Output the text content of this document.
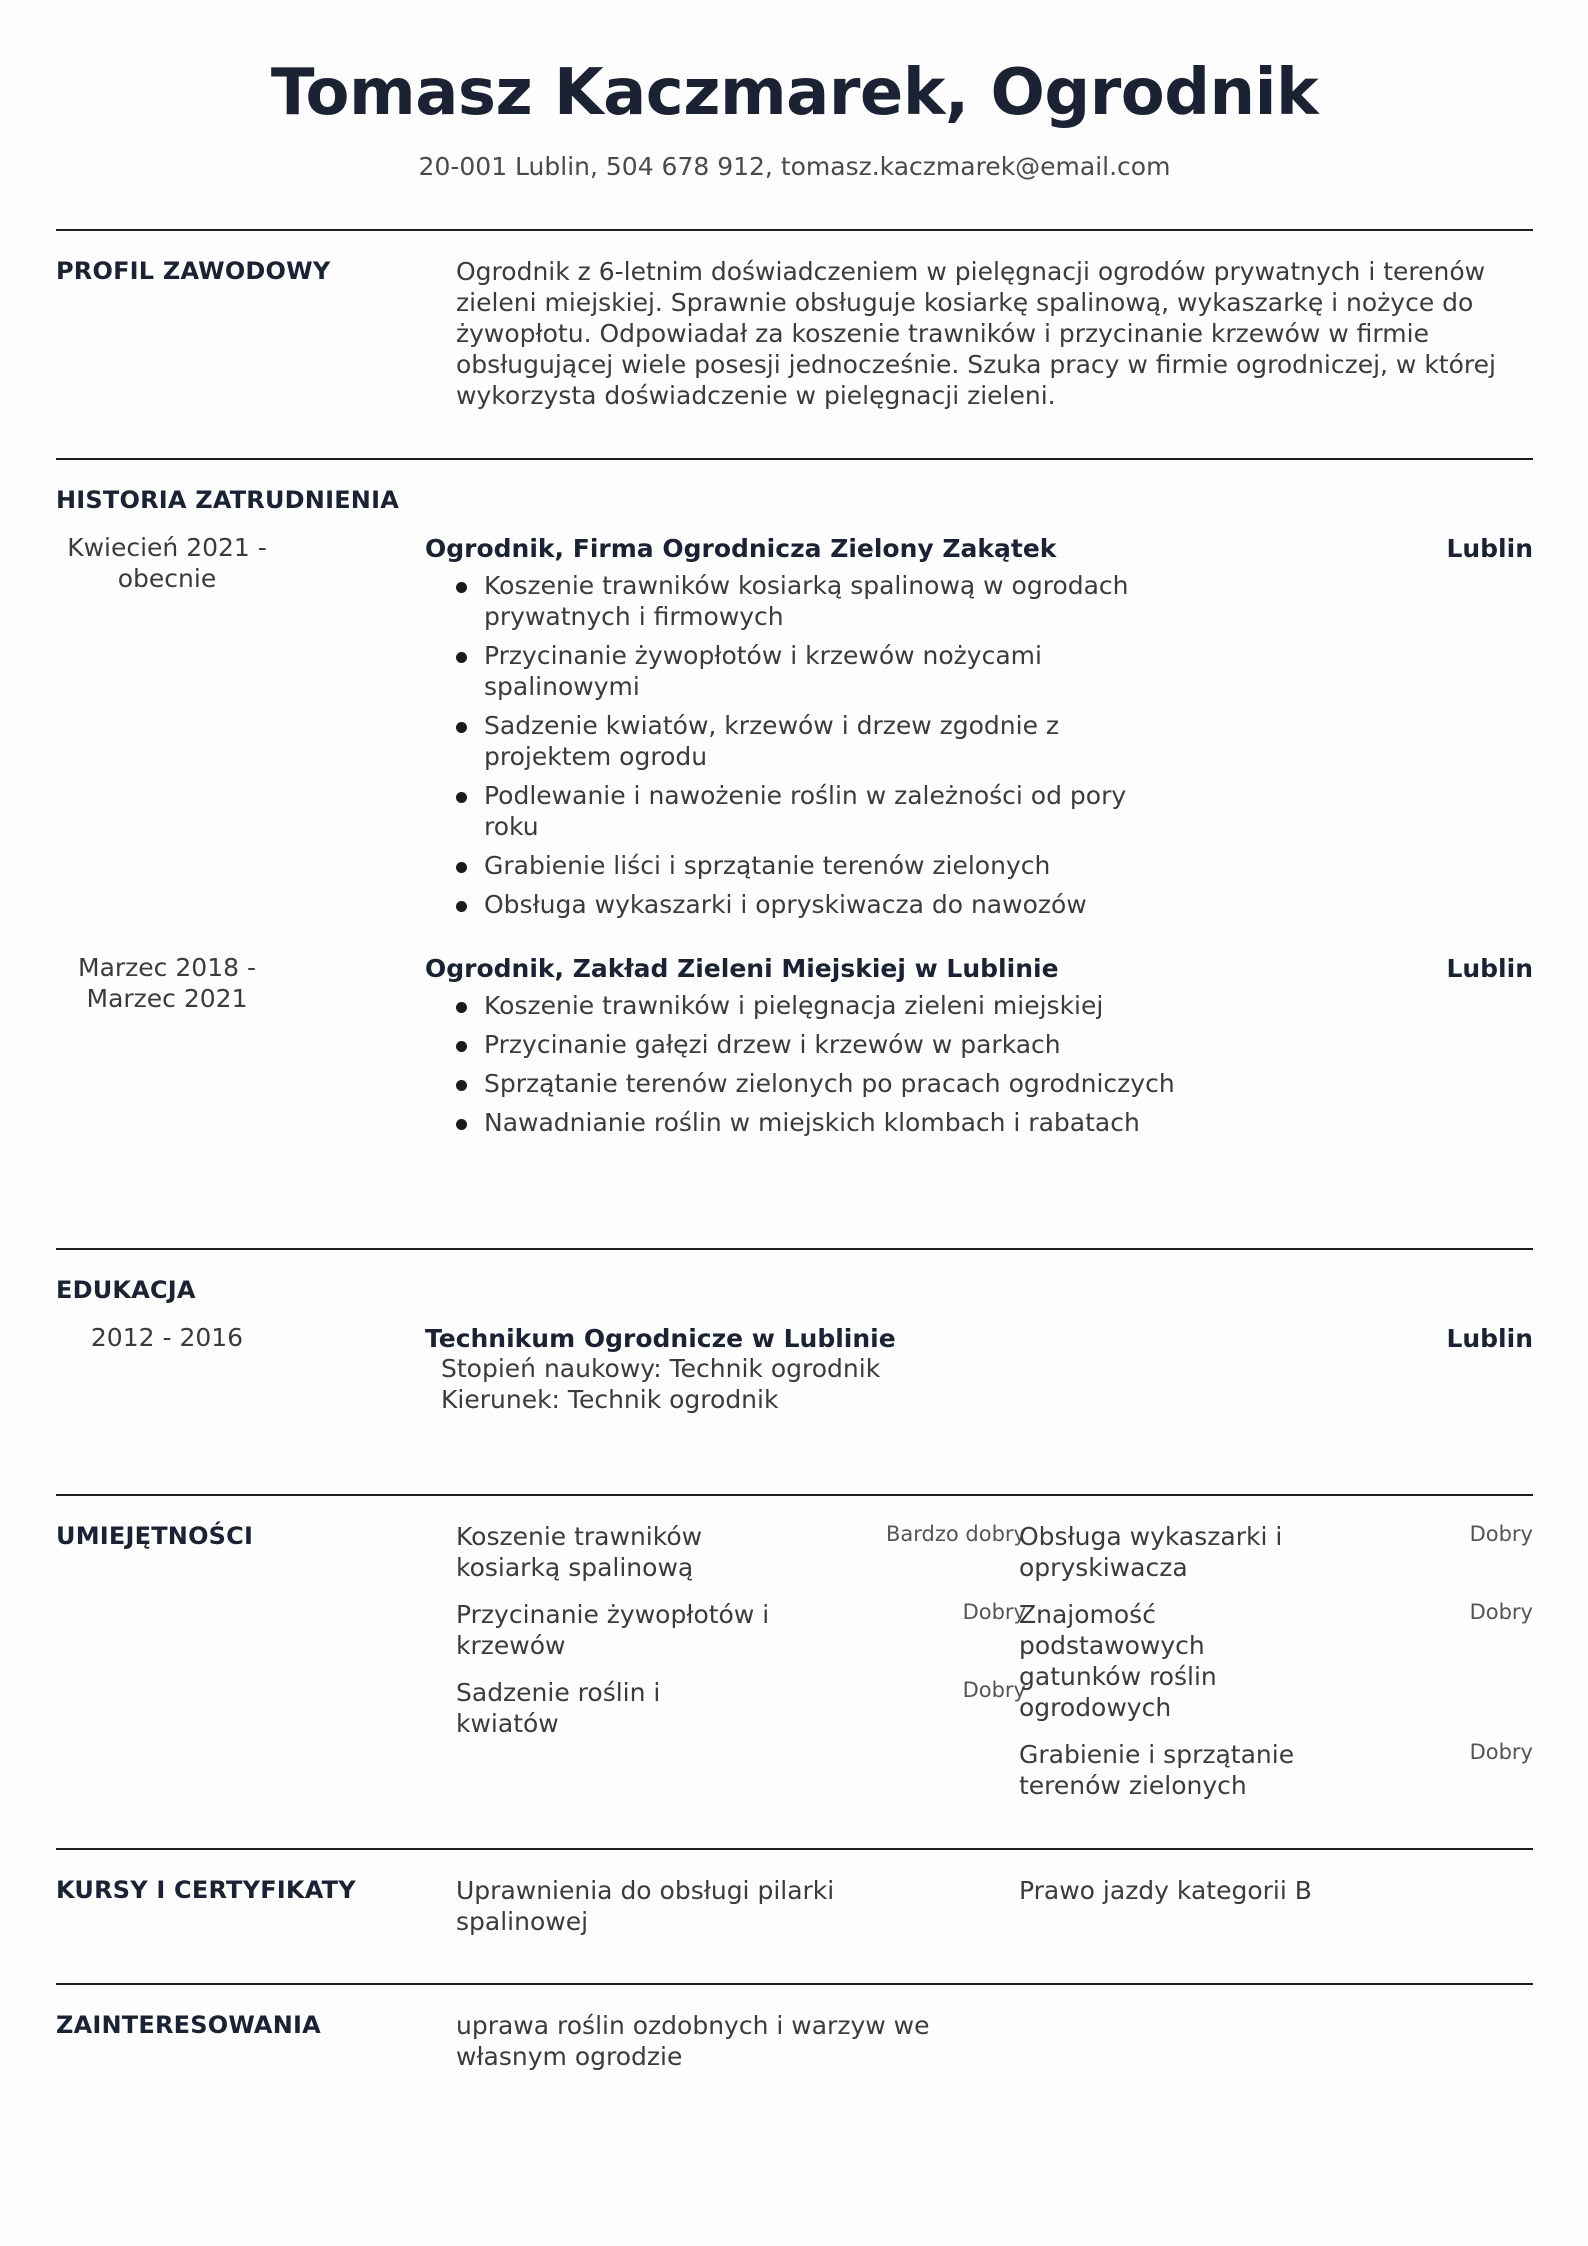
Tomasz Kaczmarek, Ogrodnik
20-001 Lublin, 504 678 912, tomasz.kaczmarek@email.com
PROFIL ZAWODOWY	Ogrodnik z 6-letnim doświadczeniem w pielęgnacji ogrodów prywatnych i terenów zieleni miejskiej. Sprawnie obsługuje kosiarkę spalinową, wykaszarkę i nożyce do żywopłotu. Odpowiadał za koszenie trawników i przycinanie krzewów w firmie obsługującej wiele posesji jednocześnie. Szuka pracy w firmie ogrodniczej, w której wykorzysta doświadczenie w pielęgnacji zieleni.
HISTORIA ZATRUDNIENIA
Kwiecień 2021 -
obecnie
Ogrodnik, Firma Ogrodnicza Zielony Zakątek	Lublin
Koszenie trawników kosiarką spalinową w ogrodach prywatnych i firmowych
Przycinanie żywopłotów i krzewów nożycami spalinowymi
Sadzenie kwiatów, krzewów i drzew zgodnie z projektem ogrodu
Podlewanie i nawożenie roślin w zależności od pory roku
Grabienie liści i sprzątanie terenów zielonych
Obsługa wykaszarki i opryskiwacza do nawozów
Marzec 2018 -
Marzec 2021
Ogrodnik, Zakład Zieleni Miejskiej w Lublinie	Lublin
Koszenie trawników i pielęgnacja zieleni miejskiej
Przycinanie gałęzi drzew i krzewów w parkach
Sprzątanie terenów zielonych po pracach ogrodniczych
Nawadnianie roślin w miejskich klombach i rabatach
EDUKACJA
2012 - 2016	Technikum Ogrodnicze w Lublinie	Lublin
Stopień naukowy: Technik ogrodnik
Kierunek: Technik ogrodnik
UMIEJĘTNOŚCI	Koszenie trawników kosiarką spalinową
Bardzo dobry
Przycinanie żywopłotów i krzewów
Dobry
Sadzenie roślin i kwiatów
Dobry
Obsługa wykaszarki i opryskiwacza
Dobry
Znajomość podstawowych gatunków roślin ogrodowych
Dobry
Grabienie i sprzątanie terenów zielonych
Dobry
KURSY I CERTYFIKATY	Uprawnienia do obsługi pilarki spalinowej
Prawo jazdy kategorii B
ZAINTERESOWANIA	uprawa roślin ozdobnych i warzyw we własnym ogrodzie
